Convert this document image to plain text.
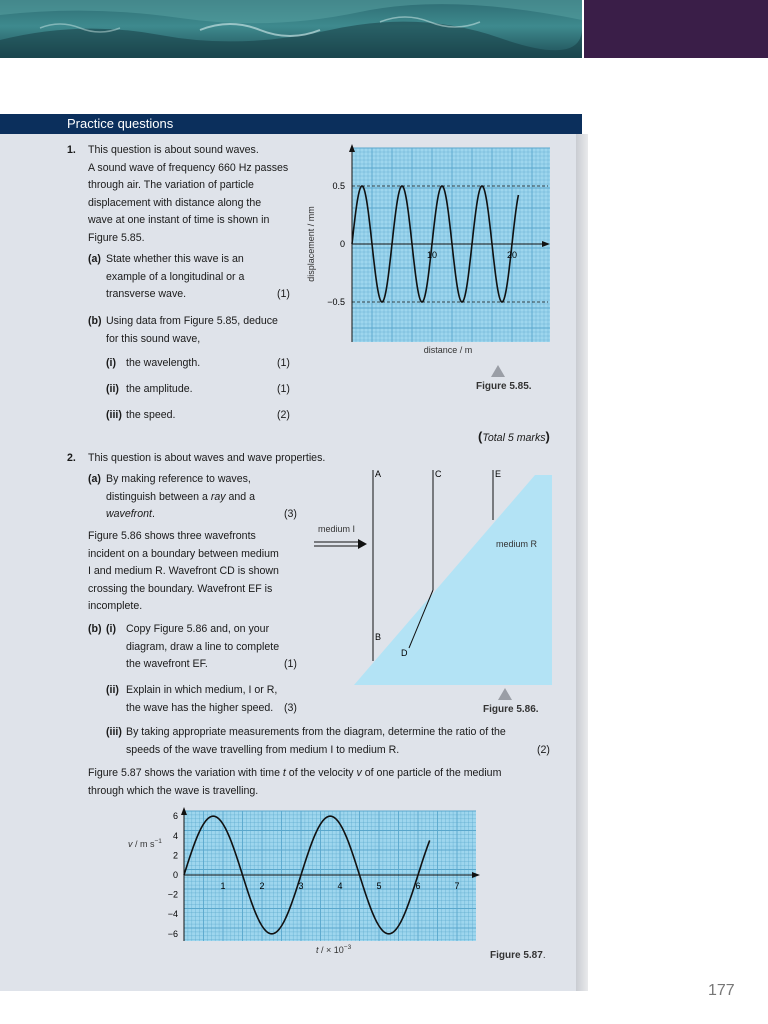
Practice questions
1. This question is about sound waves.
A sound wave of frequency 660 Hz passes
through air. The variation of particle
displacement with distance along the
wave at one instant of time is shown in
Figure 5.85.
(a) State whether this wave is an
example of a longitudinal or a
transverse wave.	(1)
(b) Using data from Figure 5.85, deduce
for this sound wave,
(i) the wavelength.	(1)
(ii) the amplitude.	(1)
(iii) the speed.	(2)
(Total 5 marks)
0.5
0
−0.5
10	20
distance / m
displacement / mm
Figure 5.85.
2. This question is about waves and wave properties.
(a) By making reference to waves,
distinguish between a ray and a
wavefront.	(3)
Figure 5.86 shows three wavefronts
incident on a boundary between medium
I and medium R. Wavefront CD is shown
crossing the boundary. Wavefront EF is
incomplete.
(b) (i) Copy Figure 5.86 and, on your
diagram, draw a line to complete
the wavefront EF.	(1)
(ii) Explain in which medium, I or R,
the wave has the higher speed. (3)
(iii) By taking appropriate measurements from the diagram, determine the ratio of the
speeds of the wave travelling from medium I to medium R.	(2)
Figure 5.87 shows the variation with time t of the velocity v of one particle of the medium
through which the wave is travelling.
A
B
C
D
E
medium I
medium R
Figure 5.86.
6
4
2
0
−2
−4
−6
1	2	3	4	5	6	7
v / m $s^{-1}$
t / × $10^{-3}$
Figure 5.87.
177
